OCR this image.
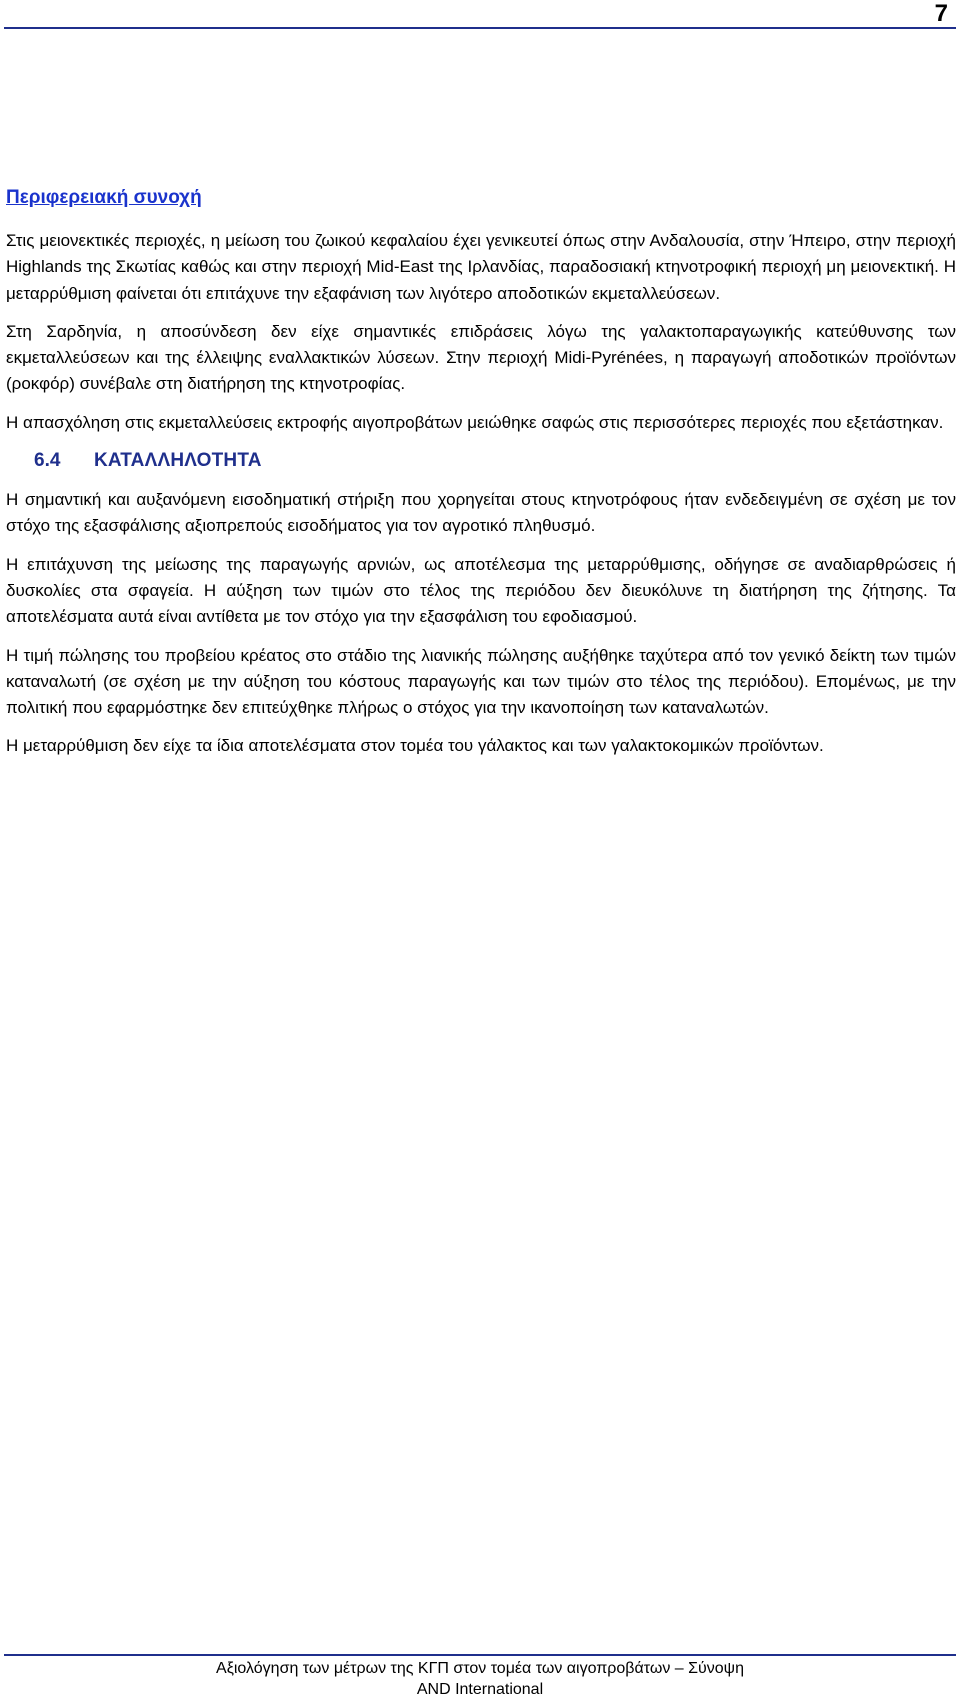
7
Περιφερειακή συνοχή

Στις μειονεκτικές περιοχές, η μείωση του ζωικού κεφαλαίου έχει γενικευτεί όπως στην Ανδαλουσία, στην Ήπειρο, στην περιοχή Highlands της Σκωτίας καθώς και στην περιοχή Mid-East της Ιρλανδίας, παραδοσιακή κτηνοτροφική περιοχή μη μειονεκτική. Η μεταρρύθμιση φαίνεται ότι επιτάχυνε την εξαφάνιση των λιγότερο αποδοτικών εκμεταλλεύσεων.

Στη Σαρδηνία, η αποσύνδεση δεν είχε σημαντικές επιδράσεις λόγω της γαλακτοπαραγωγικής κατεύθυνσης των εκμεταλλεύσεων και της έλλειψης εναλλακτικών λύσεων. Στην περιοχή Midi-Pyrénées, η παραγωγή αποδοτικών προϊόντων (ροκφόρ) συνέβαλε στη διατήρηση της κτηνοτροφίας.

Η απασχόληση στις εκμεταλλεύσεις εκτροφής αιγοπροβάτων μειώθηκε σαφώς στις περισσότερες περιοχές που εξετάστηκαν.

6.4 ΚΑΤΑΛΛΗΛΟΤΗΤΑ

Η σημαντική και αυξανόμενη εισοδηματική στήριξη που χορηγείται στους κτηνοτρόφους ήταν ενδεδειγμένη σε σχέση με τον στόχο της εξασφάλισης αξιοπρεπούς εισοδήματος για τον αγροτικό πληθυσμό.

Η επιτάχυνση της μείωσης της παραγωγής αρνιών, ως αποτέλεσμα της μεταρρύθμισης, οδήγησε σε αναδιαρθρώσεις ή δυσκολίες στα σφαγεία. Η αύξηση των τιμών στο τέλος της περιόδου δεν διευκόλυνε τη διατήρηση της ζήτησης. Τα αποτελέσματα αυτά είναι αντίθετα με τον στόχο για την εξασφάλιση του εφοδιασμού.

Η τιμή πώλησης του προβείου κρέατος στο στάδιο της λιανικής πώλησης αυξήθηκε ταχύτερα από τον γενικό δείκτη των τιμών καταναλωτή (σε σχέση με την αύξηση του κόστους παραγωγής και των τιμών στο τέλος της περιόδου). Επομένως, με την πολιτική που εφαρμόστηκε δεν επιτεύχθηκε πλήρως ο στόχος για την ικανοποίηση των καταναλωτών.

Η μεταρρύθμιση δεν είχε τα ίδια αποτελέσματα στον τομέα του γάλακτος και των γαλακτοκομικών προϊόντων.

Αξιολόγηση των μέτρων της ΚΓΠ στον τομέα των αιγοπροβάτων – Σύνοψη
AND International
